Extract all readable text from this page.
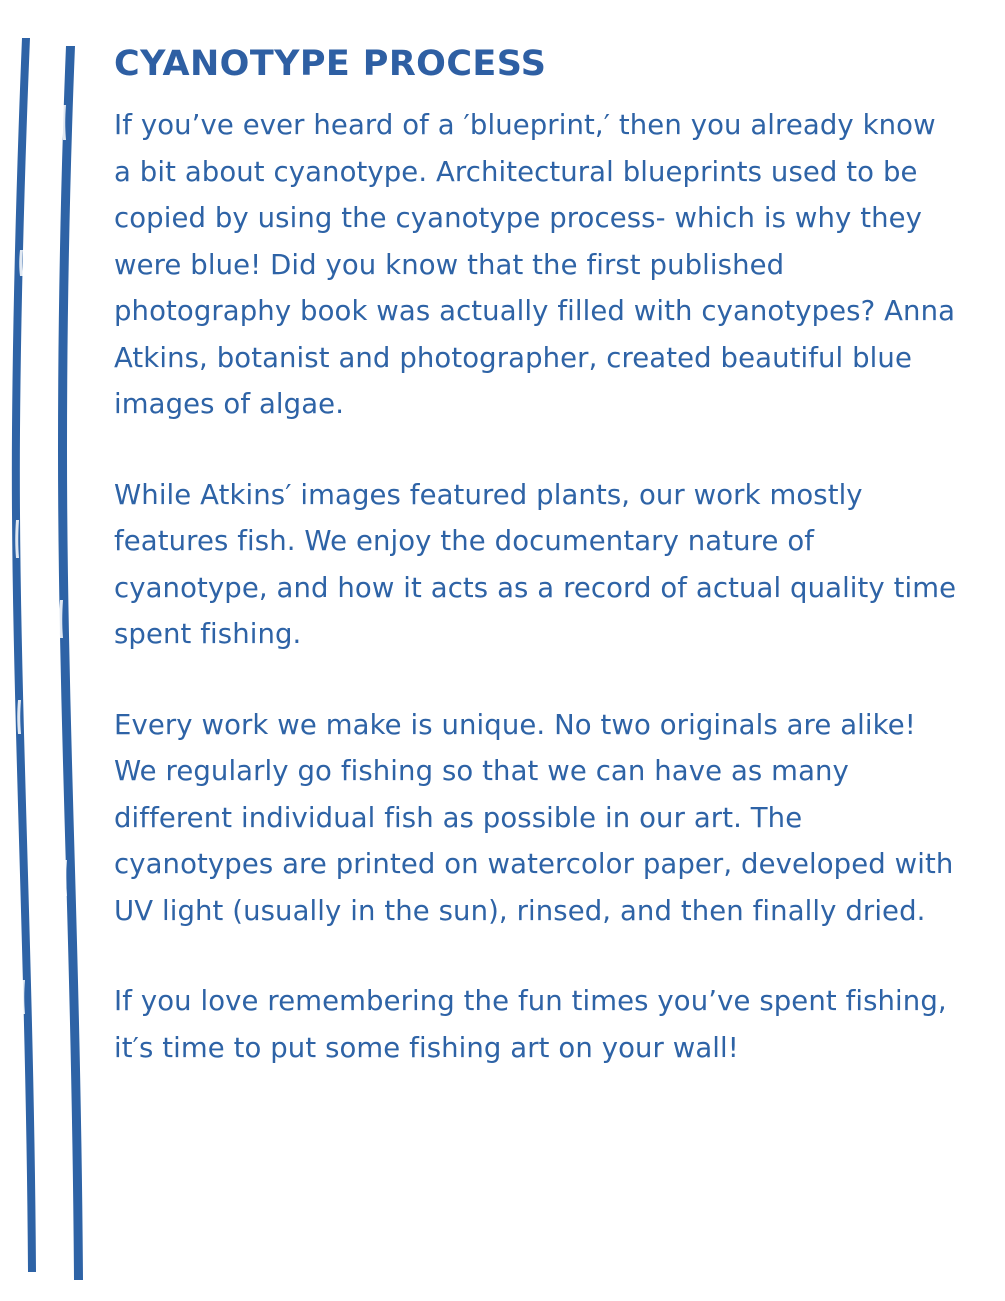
CYANOTYPE PROCESS

If you’ve ever heard of a ′blueprint,′ then you already know a bit about cyanotype. Architectural blueprints used to be copied by using the cyanotype process- which is why they were blue! Did you know that the first published photography book was actually filled with cyanotypes? Anna Atkins, botanist and photographer, created beautiful blue images of algae.

While Atkins′ images featured plants, our work mostly features fish. We enjoy the documentary nature of cyanotype, and how it acts as a record of actual quality time spent fishing.

Every work we make is unique. No two originals are alike! We regularly go fishing so that we can have as many different individual fish as possible in our art. The cyanotypes are printed on watercolor paper, developed with UV light (usually in the sun), rinsed, and then finally dried.

If you love remembering the fun times you’ve spent fishing, it′s time to put some fishing art on your wall!
